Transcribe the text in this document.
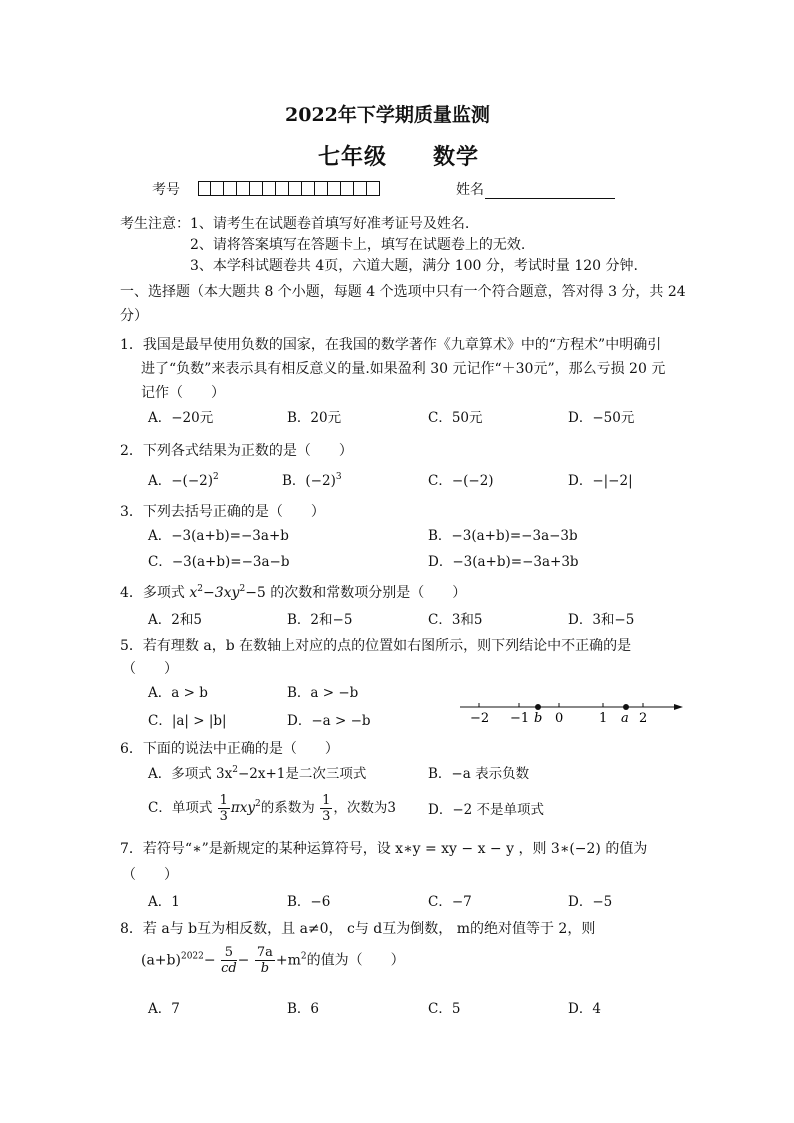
2022年下学期质量监测
七年级　　数学
考号	姓名
考生注意： 1、请考生在试题卷首填写好准考证号及姓名.
2、请将答案填写在答题卡上，填写在试题卷上的无效.
3、本学科试题卷共 4页，六道大题，满分 100 分，考试时量 120 分钟.
一、选择题（本大题共 8 个小题，每题 4 个选项中只有一个符合题意，答对得 3 分，共 24
分）
1．我国是最早使用负数的国家，在我国的数学著作《九章算术》中的“方程术”中明确引
进了“负数”来表示具有相反意义的量.如果盈利 30 元记作“＋30元”，那么亏损 20 元
记作（　　）
A．−20元	B．20元	C．50元	D．−50元
2．下列各式结果为正数的是（　　）
A．$-(-2)^2$	B．$(-2)^3$	C．−(−2)	D．−|−2|
3．下列去括号正确的是（　　）
A．−3(a+b)=−3a+b	B．−3(a+b)=−3a−3b
C．−3(a+b)=−3a−b	D．−3(a+b)=−3a+3b
4．多项式 $x^2-3xy^2-5$ 的次数和常数项分别是（　　）
A．2和5	B．2和−5	C．3和5	D．3和−5
5．若有理数 a，b 在数轴上对应的点的位置如右图所示，则下列结论中不正确的是
（　　）
A．a > b	B．a > −b
C．|a| > |b|	D．−a > −b	−2 −1 0	1 2
b	a
6．下面的说法中正确的是（　　）
A．多项式 $3x^2-2x+1$是二次三项式	B．−a 表示负数
C．单项式 $\frac{1}{3} \pi xy^2$的系数为 $\frac{1}{3}$ ，次数为3 D．−2 不是单项式
7．若符号“∗”是新规定的某种运算符号，设 x∗y = xy − x − y ，则 3∗(−2) 的值为
（　　）
A．1	B．−6	C．−7	D．−5
8．若 a与 b互为相反数，且 a≠0， c与 d互为倒数， m的绝对值等于 2，则
$(a+b)^{2022}- \frac{5}{cd}- \frac{7a}{b}+m^2$的值为（　　）
A．7	B．6	C．5	D．4
